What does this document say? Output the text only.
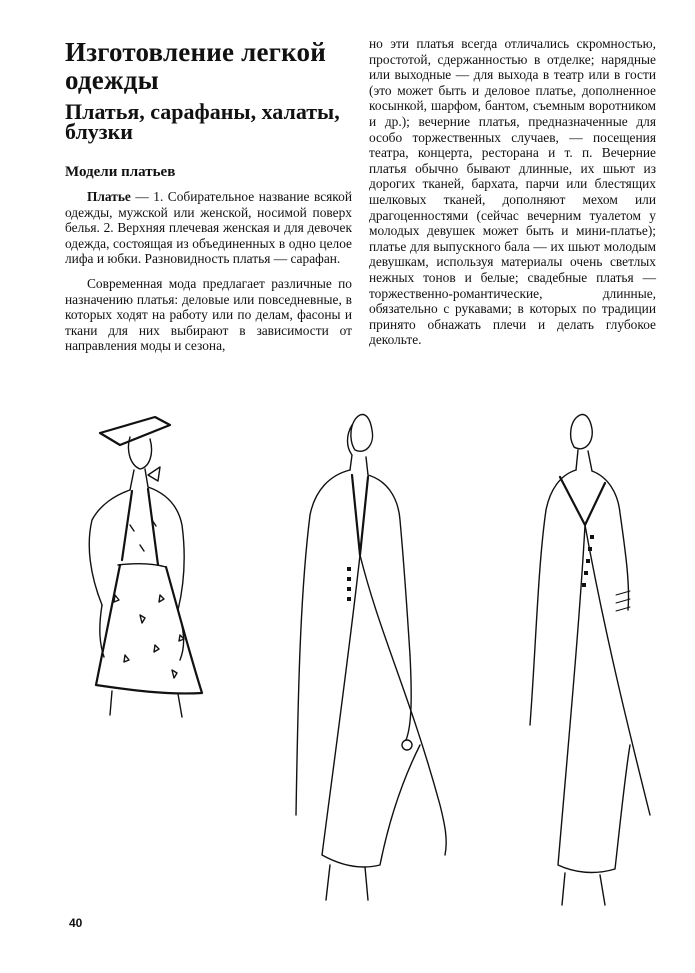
Изготовление легкой одежды
Платья, сарафаны, халаты, блузки
Модели платьев

Платье — 1. Собирательное название всякой одежды, мужской или женской, носимой поверх белья. 2. Верхняя плечевая женская и для девочек одежда, состоящая из объединенных в одно целое лифа и юбки. Разновидность платья — сарафан.

Современная мода предлагает различные по назначению платья: деловые или повседневные, в которых ходят на работу или по делам, фасоны и ткани для них выбирают в зависимости от направления моды и сезона,

но эти платья всегда отличались скромностью, простотой, сдержанностью в отделке; нарядные или выходные — для выхода в театр или в гости (это может быть и деловое платье, дополненное косынкой, шарфом, бантом, съемным воротником и др.); вечерние платья, предназначенные для особо торжественных случаев, — посещения театра, концерта, ресторана и т. п. Вечерние платья обычно бывают длинные, их шьют из дорогих тканей, бархата, парчи или блестящих шелковых тканей, дополняют мехом или драгоценностями (сейчас вечерним туалетом у молодых девушек может быть и мини-платье); платье для выпускного бала — их шьют молодым девушкам, используя материалы очень светлых нежных тонов и белые; свадебные платья — торжественно-романтические, длинные, обязательно с рукавами; в которых по традиции принято обнажать плечи и делать глубокое декольте.

40
